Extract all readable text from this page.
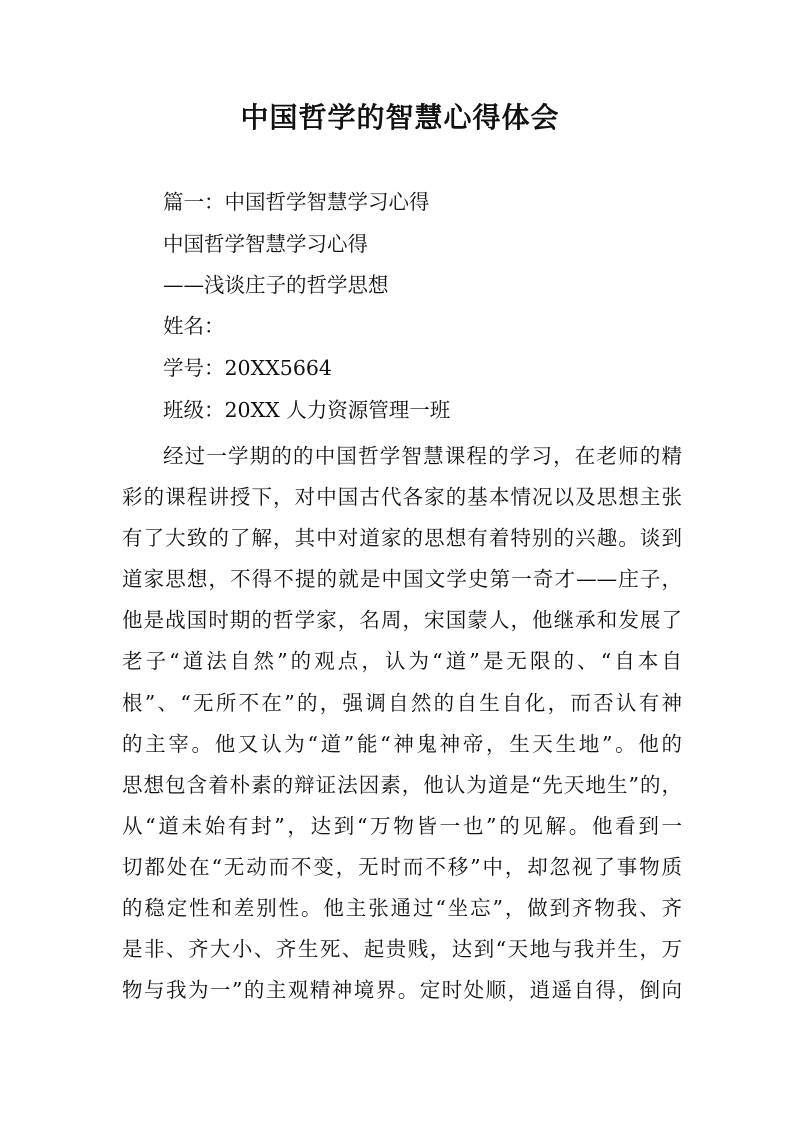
中国哲学的智慧心得体会
篇一：中国哲学智慧学习心得
中国哲学智慧学习心得
——浅谈庄子的哲学思想
姓名：
学号：20XX5664
班级：20XX 人力资源管理一班
经过一学期的的中国哲学智慧课程的学习，在老师的精
彩的课程讲授下，对中国古代各家的基本情况以及思想主张
有了大致的了解，其中对道家的思想有着特别的兴趣。谈到
道家思想，不得不提的就是中国文学史第一奇才——庄子，
他是战国时期的哲学家，名周，宋国蒙人，他继承和发展了
老子“道法自然”的观点，认为“道”是无限的、“自本自
根”、“无所不在”的，强调自然的自生自化，而否认有神
的主宰。他又认为“道”能“神鬼神帝，生天生地”。他的
思想包含着朴素的辩证法因素，他认为道是“先天地生”的，
从“道未始有封”，达到“万物皆一也”的见解。他看到一
切都处在“无动而不变，无时而不移”中，却忽视了事物质
的稳定性和差别性。他主张通过“坐忘”，做到齐物我、齐
是非、齐大小、齐生死、起贵贱，达到“天地与我并生，万
物与我为一”的主观精神境界。定时处顺，逍遥自得，倒向
